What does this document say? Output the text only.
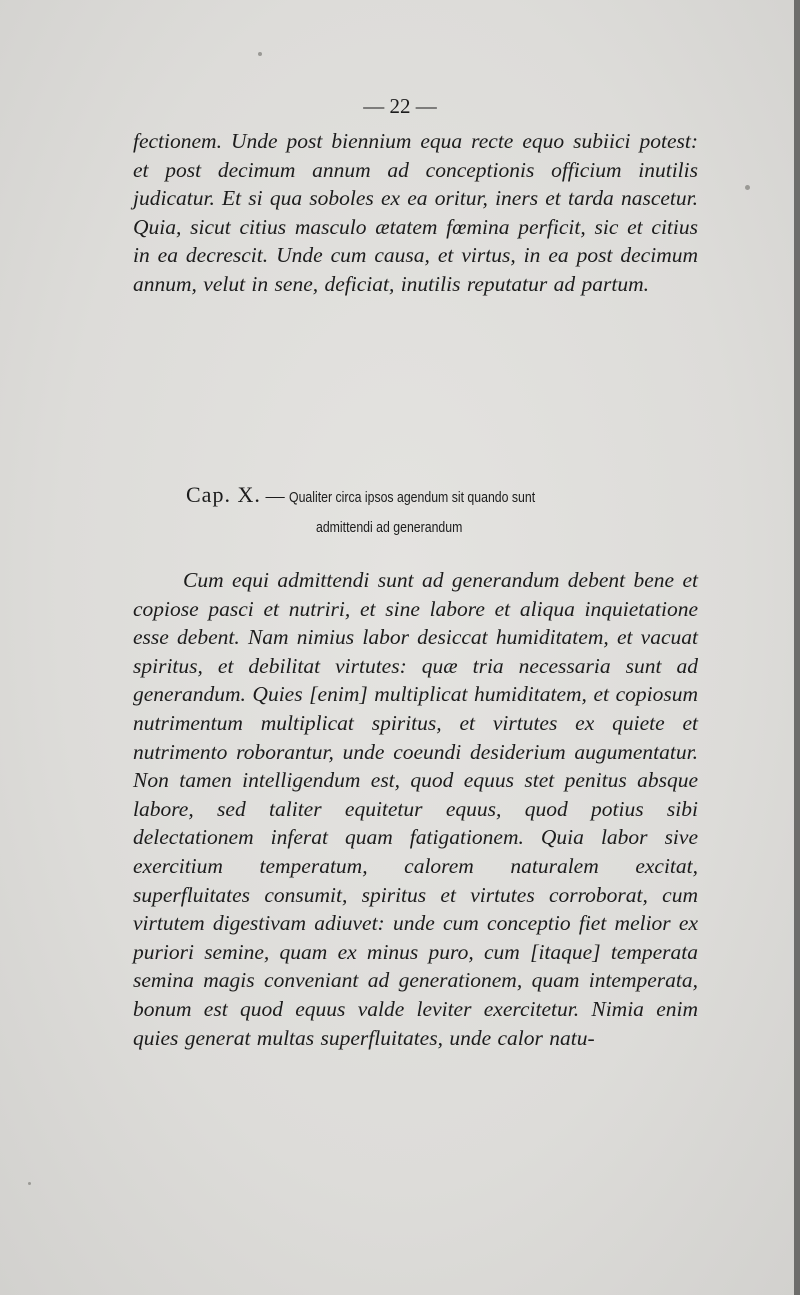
— 22 —
fectionem. Unde post biennium equa recte equo subiici potest: et post decimum annum ad conceptionis officium inutilis judicatur. Et si qua soboles ex ea oritur, iners et tarda nascetur. Quia, sicut citius masculo ætatem fœmina perficit, sic et citius in ea decrescit. Unde cum causa, et virtus, in ea post decimum annum, velut in sene, deficiat, inutilis reputatur ad partum.
Cap. X. — Qualiter circa ipsos agendum sit quando sunt
admittendi ad generandum
Cum equi admittendi sunt ad generandum debent bene et copiose pasci et nutriri, et sine labore et aliqua inquietatione esse debent. Nam nimius labor desiccat humiditatem, et vacuat spiritus, et debilitat virtutes: quæ tria necessaria sunt ad generandum. Quies [enim] multiplicat humiditatem, et copiosum nutrimentum multiplicat spiritus, et virtutes ex quiete et nutrimento roborantur, unde coeundi desiderium augumentatur. Non tamen intelligendum est, quod equus stet penitus absque labore, sed taliter equitetur equus, quod potius sibi delectationem inferat quam fatigationem. Quia labor sive exercitium temperatum, calorem naturalem excitat, superfluitates consumit, spiritus et virtutes corroborat, cum virtutem digestivam adiuvet: unde cum conceptio fiet melior ex puriori semine, quam ex minus puro, cum [itaque] temperata semina magis conveniant ad generationem, quam intemperata, bonum est quod equus valde leviter exercitetur. Nimia enim quies generat multas superfluitates, unde calor natu-
